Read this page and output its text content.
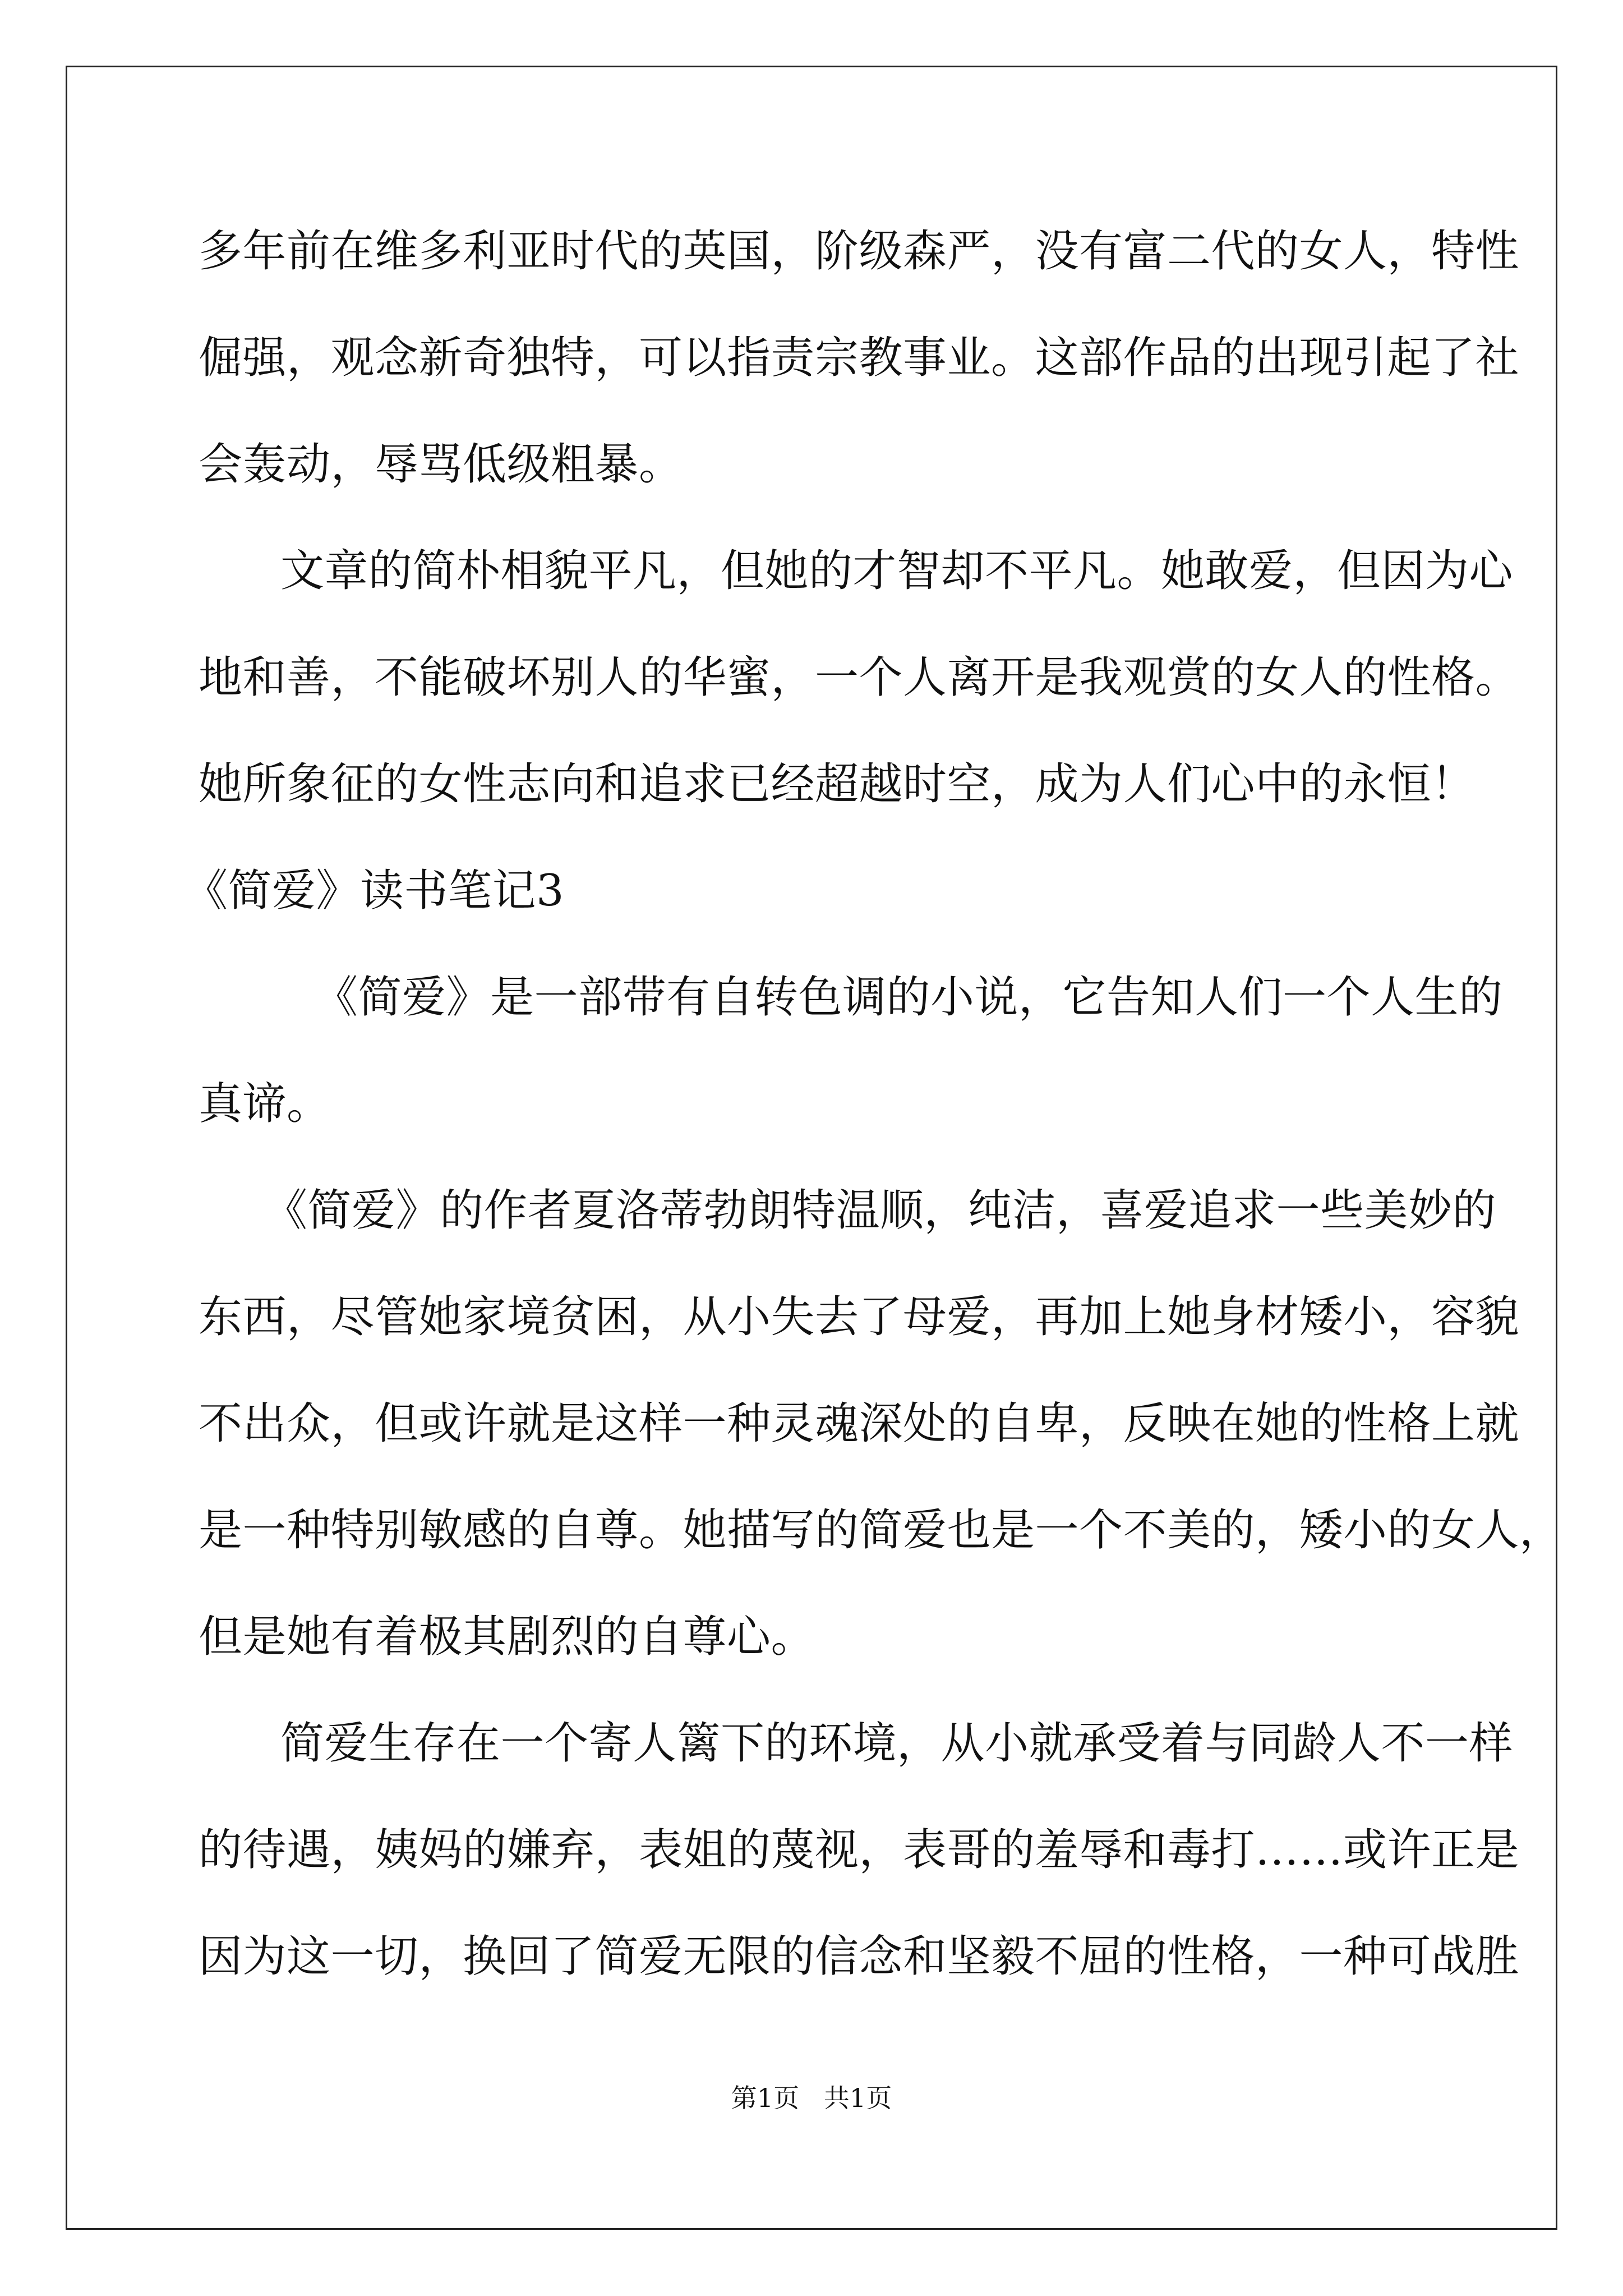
多年前在维多利亚时代的英国，阶级森严，没有富二代的女人，特性
倔强，观念新奇独特，可以指责宗教事业。这部作品的出现引起了社
会轰动，辱骂低级粗暴。
文章的简朴相貌平凡，但她的才智却不平凡。她敢爱，但因为心
地和善，不能破坏别人的华蜜，一个人离开是我观赏的女人的性格。
她所象征的女性志向和追求已经超越时空，成为人们心中的永恒！
《简爱》读书笔记3
《简爱》是一部带有自转色调的小说，它告知人们一个人生的
真谛。
《简爱》的作者夏洛蒂勃朗特温顺，纯洁，喜爱追求一些美妙的
东西，尽管她家境贫困，从小失去了母爱，再加上她身材矮小，容貌
不出众，但或许就是这样一种灵魂深处的自卑，反映在她的性格上就
是一种特别敏感的自尊。她描写的简爱也是一个不美的，矮小的女人，
但是她有着极其剧烈的自尊心。
简爱生存在一个寄人篱下的环境，从小就承受着与同龄人不一样
的待遇，姨妈的嫌弃，表姐的蔑视，表哥的羞辱和毒打……或许正是
因为这一切，换回了简爱无限的信念和坚毅不屈的性格，一种可战胜
第1页   共1页
